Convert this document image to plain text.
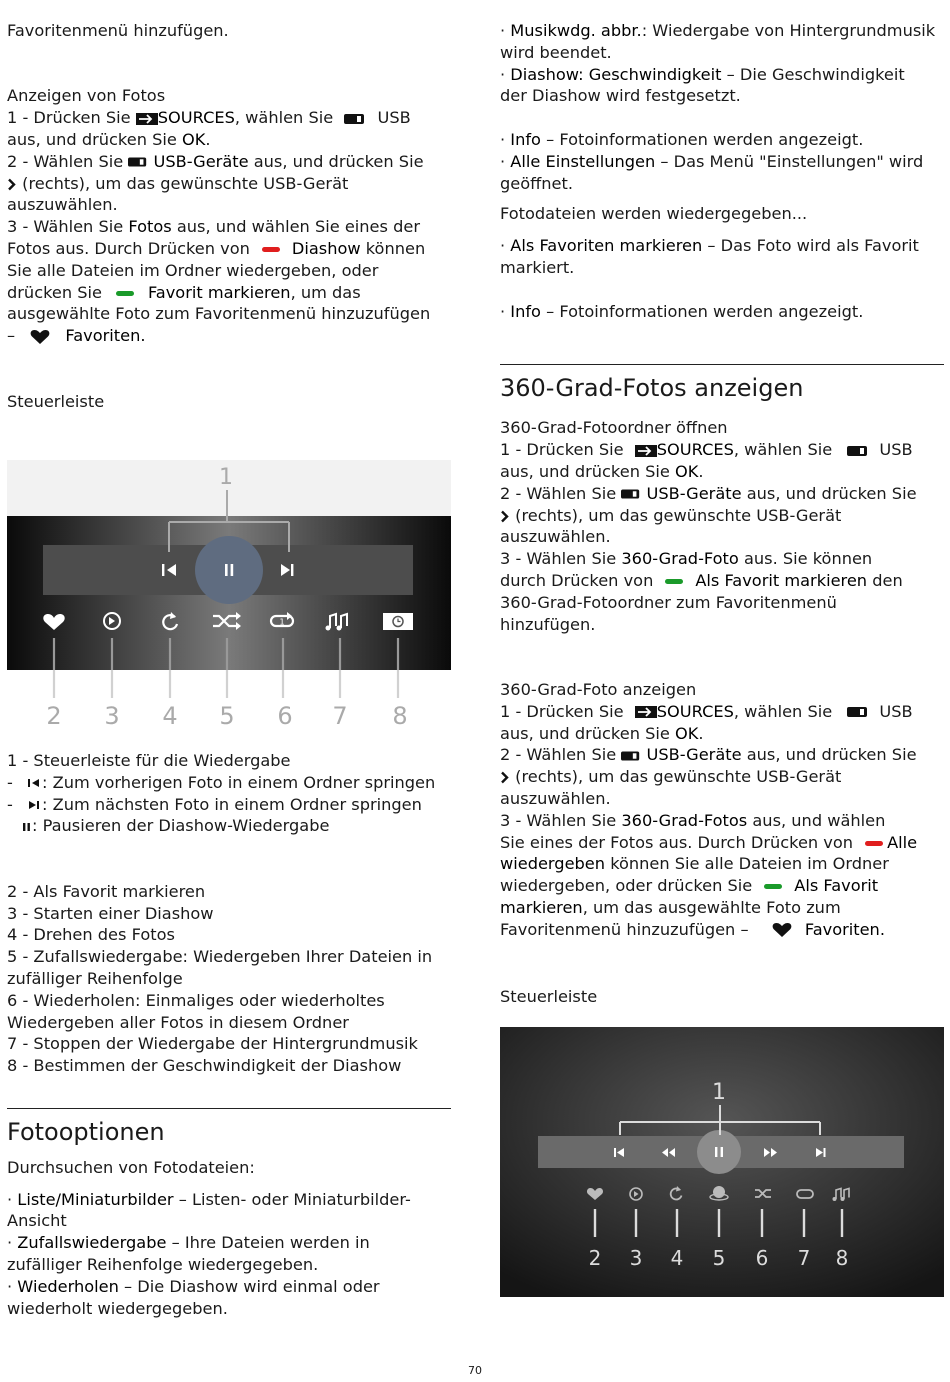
Favoritenmenü hinzufügen.

Anzeigen von Fotos

1 - Drücken Sie SOURCES, wählen Sie	USB
aus, und drücken Sie OK.

2 - Wählen Sie USB-Geräte aus, und drücken Sie
(rechts), um das gewünschte USB-Gerät
auszuwählen.

3 - Wählen Sie Fotos aus, und wählen Sie eines der
Fotos aus. Durch Drücken von	Diashow können
Sie alle Dateien im Ordner wiedergeben, oder
drücken Sie	Favorit markieren, um das
ausgewählte Foto zum Favoritenmenü hinzuzufügen
–	Favoriten.

Steuerleiste

1
1
2 3 4 5 6 7 8

1 - Steuerleiste für die Wiedergabe

- : Zum vorherigen Foto in einem Ordner springen

- : Zum nächsten Foto in einem Ordner springen

: Pausieren der Diashow-Wiedergabe

2 - Als Favorit markieren

3 - Starten einer Diashow

4 - Drehen des Fotos

5 - Zufallswiedergabe: Wiedergeben Ihrer Dateien in
zufälliger Reihenfolge

6 - Wiederholen: Einmaliges oder wiederholtes
Wiedergeben aller Fotos in diesem Ordner

7 - Stoppen der Wiedergabe der Hintergrundmusik

8 - Bestimmen der Geschwindigkeit der Diashow

Fotooptionen

Durchsuchen von Fotodateien:

· Liste/Miniaturbilder – Listen- oder Miniaturbilder-
Ansicht

· Zufallswiedergabe – Ihre Dateien werden in
zufälliger Reihenfolge wiedergegeben.

· Wiederholen – Die Diashow wird einmal oder
wiederholt wiedergegeben.

· Musikwdg. abbr.: Wiedergabe von Hintergrundmusik
wird beendet.

· Diashow: Geschwindigkeit – Die Geschwindigkeit
der Diashow wird festgesetzt.

· Info – Fotoinformationen werden angezeigt.

· Alle Einstellungen – Das Menü "Einstellungen" wird
geöffnet.

Fotodateien werden wiedergegeben...

· Als Favoriten markieren – Das Foto wird als Favorit
markiert.

· Info – Fotoinformationen werden angezeigt.

360-Grad-Fotos anzeigen

360-Grad-Fotoordner öffnen

1 - Drücken Sie SOURCES, wählen Sie	USB
aus, und drücken Sie OK.

2 - Wählen Sie USB-Geräte aus, und drücken Sie
(rechts), um das gewünschte USB-Gerät
auszuwählen.

3 - Wählen Sie 360-Grad-Foto aus. Sie können
durch Drücken von	Als Favorit markieren den
360-Grad-Fotoordner zum Favoritenmenü
hinzufügen.

360-Grad-Foto anzeigen

1 - Drücken Sie SOURCES, wählen Sie	USB
aus, und drücken Sie OK.

2 - Wählen Sie USB-Geräte aus, und drücken Sie
(rechts), um das gewünschte USB-Gerät
auszuwählen.

3 - Wählen Sie 360-Grad-Fotos aus, und wählen
Sie eines der Fotos aus. Durch Drücken von Alle
wiedergeben können Sie alle Dateien im Ordner
wiedergeben, oder drücken Sie	Als Favorit
markieren, um das ausgewählte Foto zum
Favoritenmenü hinzuzufügen –	Favoriten.

Steuerleiste

1
2 3 4 5 6 7 8
70
